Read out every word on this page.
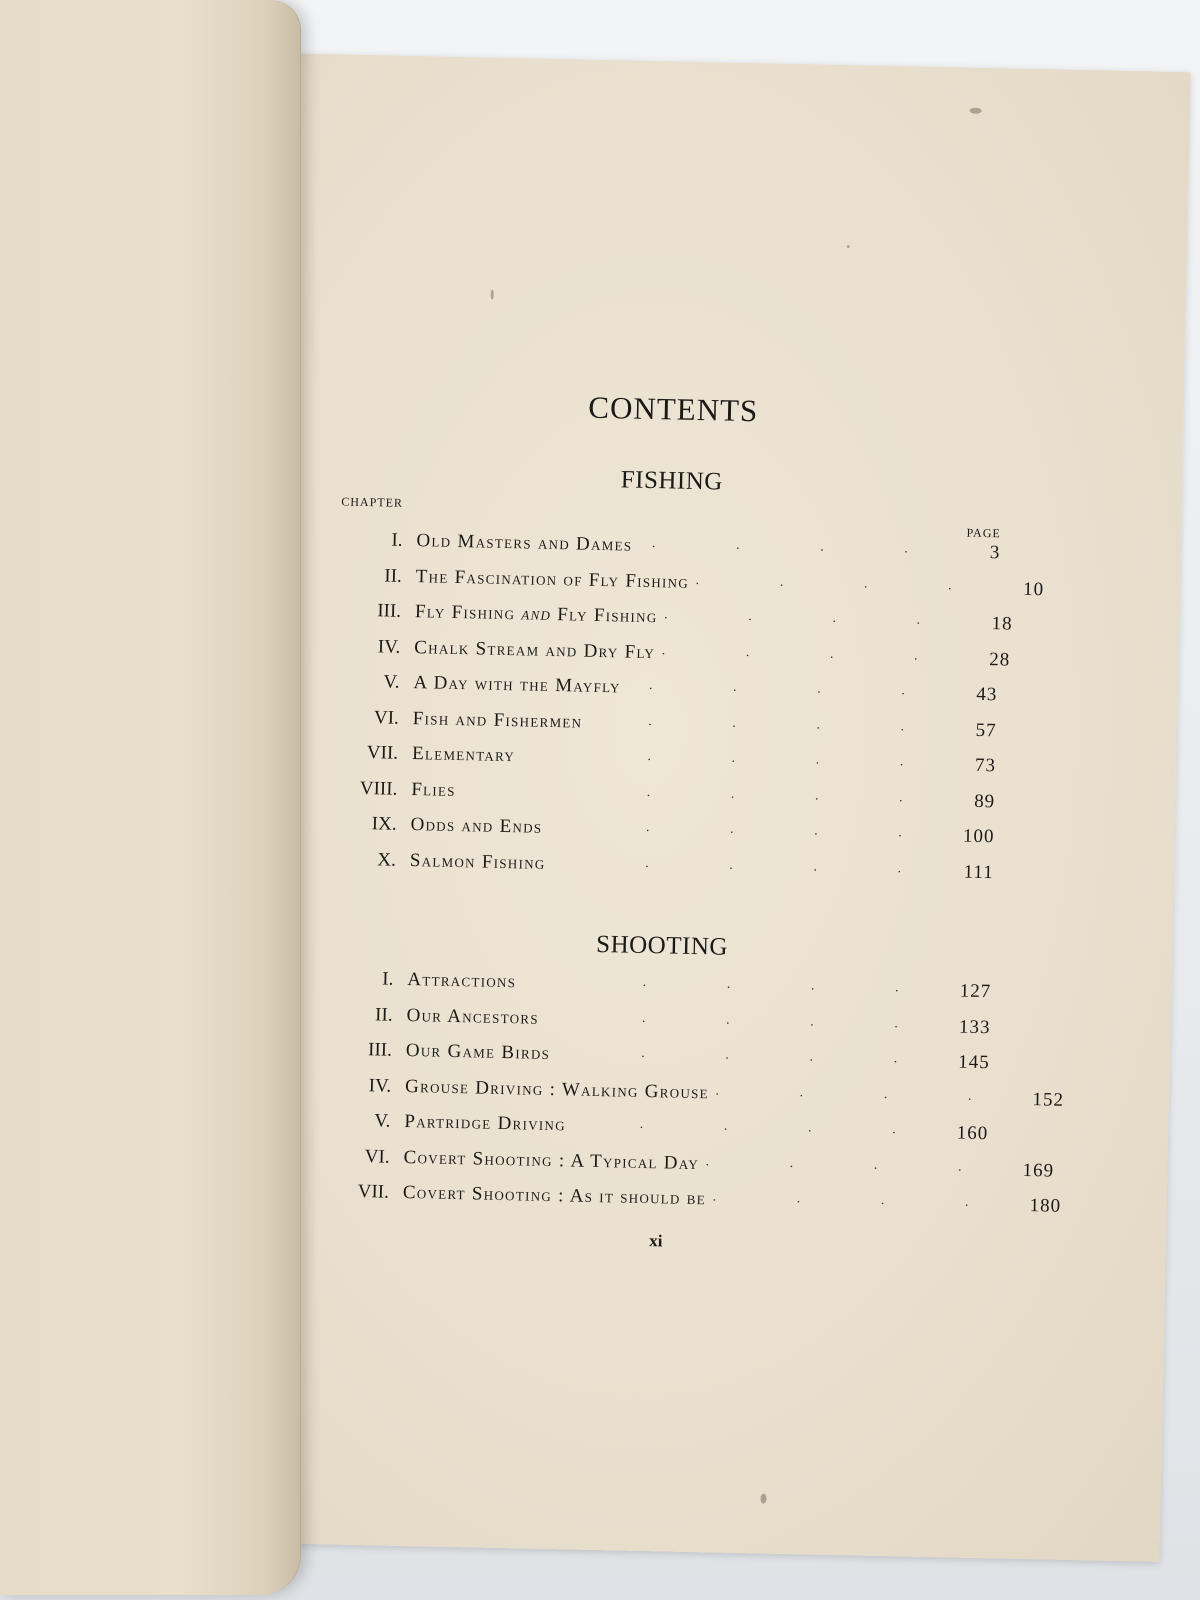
CONTENTS
FISHING
CHAPTER
PAGE
I. Old Masters and Dames	· · · ·	3
II. The Fascination of Fly Fishing · · · ·	10
III. Fly Fishing and Fly Fishing · · · ·	18
IV. Chalk Stream and Dry Fly · · · ·	28
V. A Day with the Mayfly	· · · ·	43
VI. Fish and Fishermen	· · · ·	57
VII. Elementary	· · · ·	73
VIII. Flies	· · · ·	89
IX. Odds and Ends	· · · ·	100
X. Salmon Fishing	· · · ·	111
SHOOTING
I. Attractions	· · · ·	127
II. Our Ancestors	· · · ·	133
III. Our Game Birds	· · · ·	145
IV. Grouse Driving : Walking Grouse · · · ·	152
V. Partridge Driving	· · · ·	160
VI. Covert Shooting : A Typical Day · · · ·	169
VII. Covert Shooting : As it should be · · · ·	180
xi
